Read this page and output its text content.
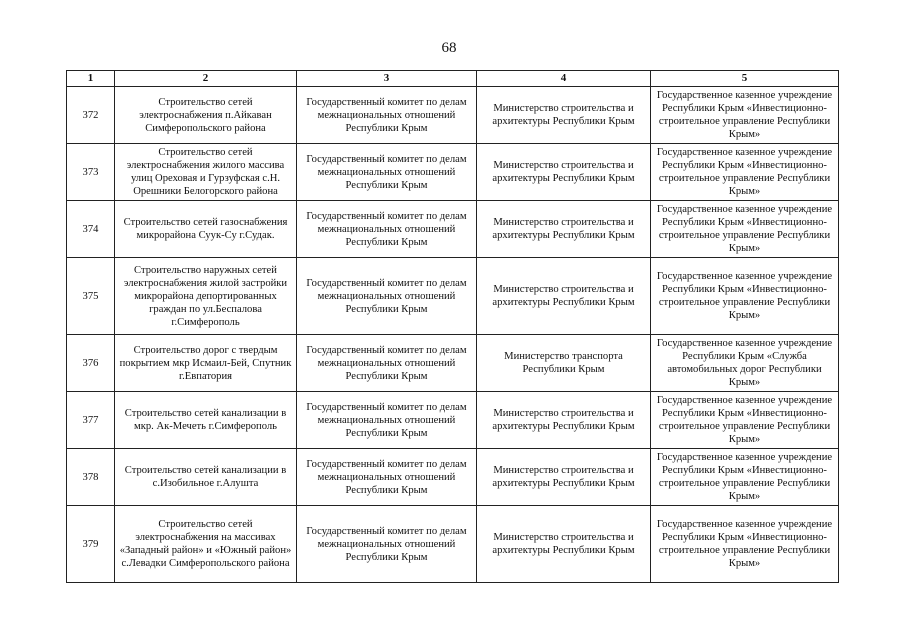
68
1	2	3	4	5
372	Строительство сетей электроснабжения п.Айкаван Симферопольского района	Государственный комитет по делам межнациональных отношений Республики Крым	Министерство строительства и архитектуры Республики Крым	Государственное казенное учреждение Республики Крым «Инвестиционно-строительное управление Республики Крым»
373	Строительство сетей электроснабжения жилого массива улиц Ореховая и Гурзуфская с.Н. Орешники Белогорского района	Государственный комитет по делам межнациональных отношений Республики Крым	Министерство строительства и архитектуры Республики Крым	Государственное казенное учреждение Республики Крым «Инвестиционно-строительное управление Республики Крым»
374	Строительство сетей газоснабжения микрорайона Суук-Су г.Судак.	Государственный комитет по делам межнациональных отношений Республики Крым	Министерство строительства и архитектуры Республики Крым	Государственное казенное учреждение Республики Крым «Инвестиционно-строительное управление Республики Крым»
375	Строительство наружных сетей электроснабжения жилой застройки микрорайона депортированных граждан по ул.Беспалова г.Симферополь	Государственный комитет по делам межнациональных отношений Республики Крым	Министерство строительства и архитектуры Республики Крым	Государственное казенное учреждение Республики Крым «Инвестиционно-строительное управление Республики Крым»
376	Строительство дорог с твердым покрытием мкр Исмаил-Бей, Спутник г.Евпатория	Государственный комитет по делам межнациональных отношений Республики Крым	Министерство транспорта Республики Крым	Государственное казенное учреждение Республики Крым «Служба автомобильных дорог Республики Крым»
377	Строительство сетей канализации в мкр. Ак-Мечеть г.Симферополь	Государственный комитет по делам межнациональных отношений Республики Крым	Министерство строительства и архитектуры Республики Крым	Государственное казенное учреждение Республики Крым «Инвестиционно-строительное управление Республики Крым»
378	Строительство сетей канализации в с.Изобильное г.Алушта	Государственный комитет по делам межнациональных отношений Республики Крым	Министерство строительства и архитектуры Республики Крым	Государственное казенное учреждение Республики Крым «Инвестиционно-строительное управление Республики Крым»
379	Строительство сетей электроснабжения на массивах «Западный район» и «Южный район» с.Левадки Симферопольского района	Государственный комитет по делам межнациональных отношений Республики Крым	Министерство строительства и архитектуры Республики Крым	Государственное казенное учреждение Республики Крым «Инвестиционно-строительное управление Республики Крым»
